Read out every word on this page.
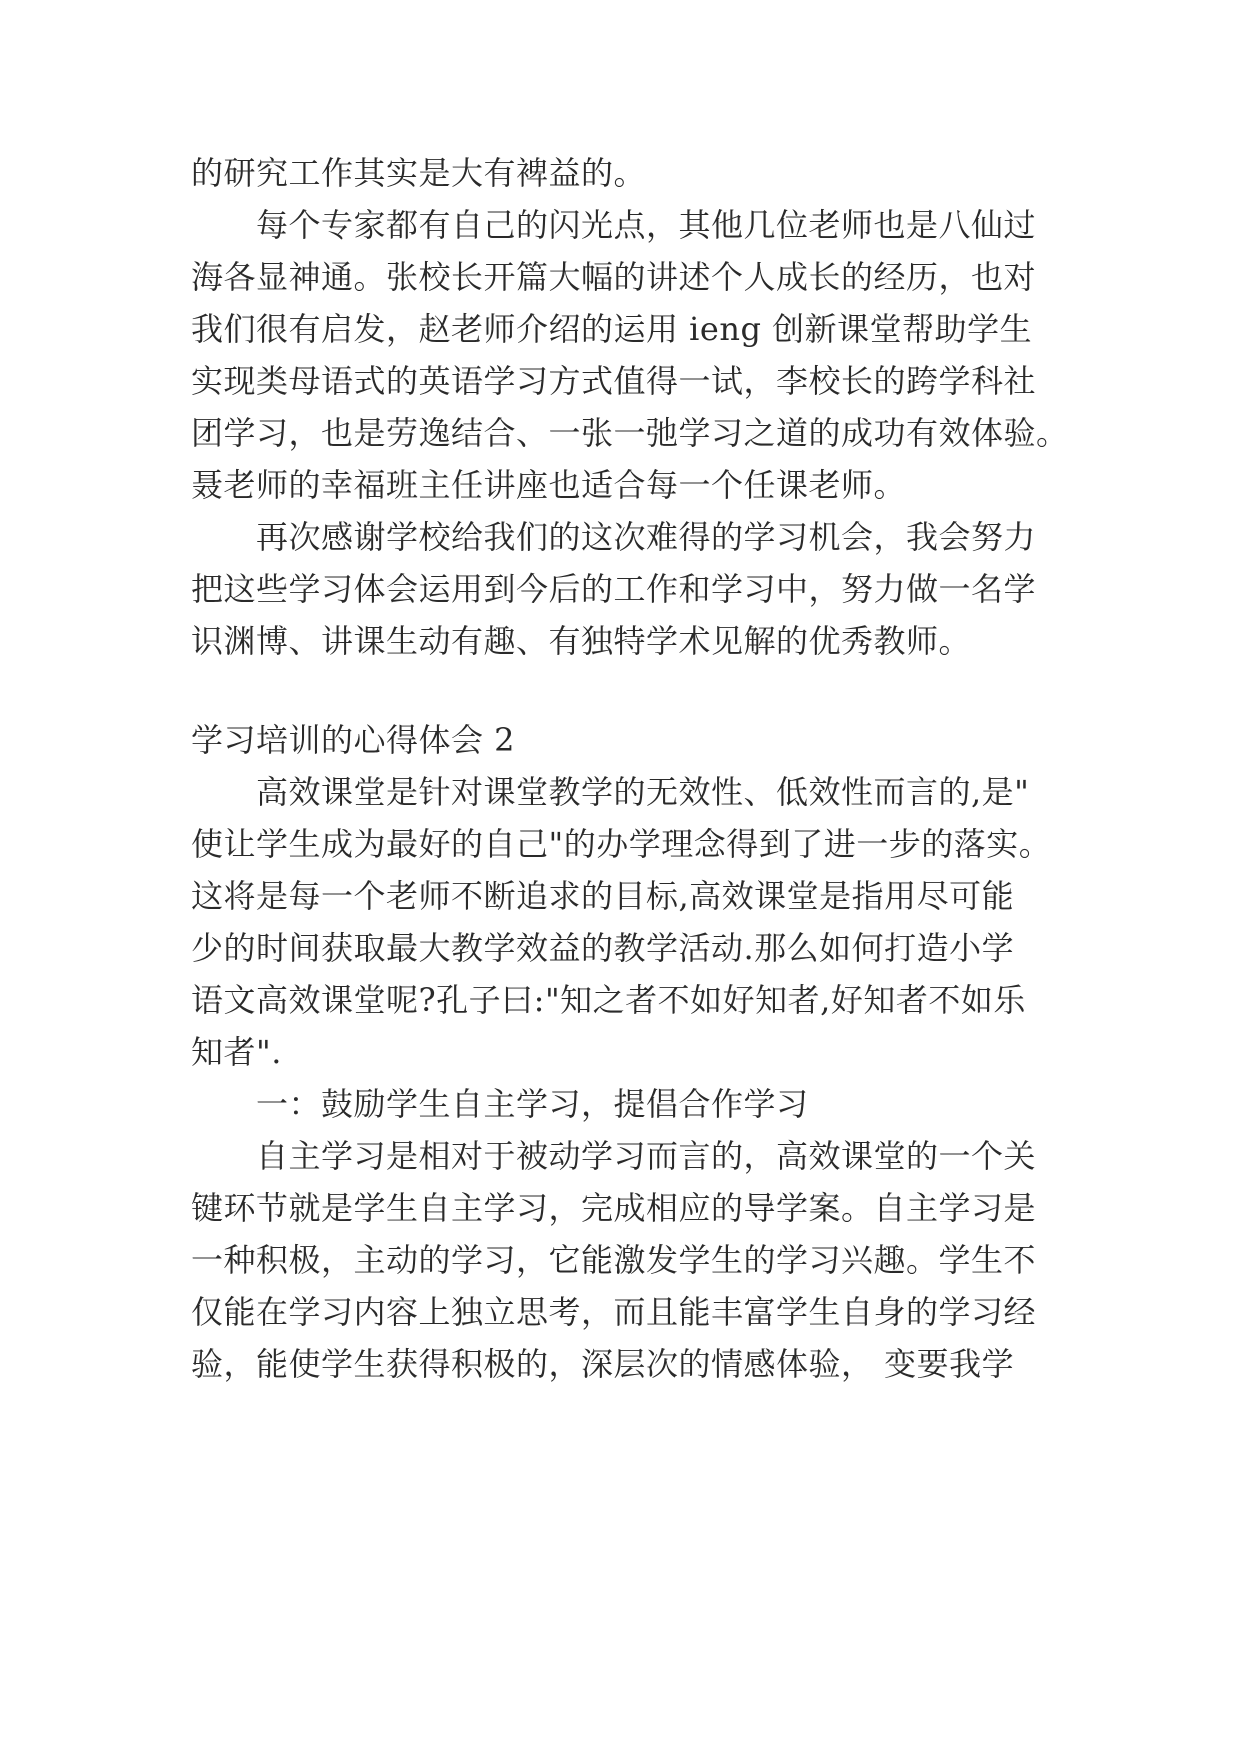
的研究工作其实是大有裨益的。
　　每个专家都有自己的闪光点，其他几位老师也是八仙过
海各显神通。张校长开篇大幅的讲述个人成长的经历，也对
我们很有启发，赵老师介绍的运用 ieng 创新课堂帮助学生
实现类母语式的英语学习方式值得一试，李校长的跨学科社
团学习，也是劳逸结合、一张一弛学习之道的成功有效体验。
聂老师的幸福班主任讲座也适合每一个任课老师。
　　再次感谢学校给我们的这次难得的学习机会，我会努力
把这些学习体会运用到今后的工作和学习中，努力做一名学
识渊博、讲课生动有趣、有独特学术见解的优秀教师。
学习培训的心得体会 2
　　高效课堂是针对课堂教学的无效性、低效性而言的,是"
使让学生成为最好的自己"的办学理念得到了进一步的落实。
这将是每一个老师不断追求的目标,高效课堂是指用尽可能
少的时间获取最大教学效益的教学活动.那么如何打造小学
语文高效课堂呢?孔子曰:"知之者不如好知者,好知者不如乐
知者".
　　一：鼓励学生自主学习，提倡合作学习
　　自主学习是相对于被动学习而言的，高效课堂的一个关
键环节就是学生自主学习，完成相应的导学案。自主学习是
一种积极，主动的学习，它能激发学生的学习兴趣。学生不
仅能在学习内容上独立思考，而且能丰富学生自身的学习经
验，能使学生获得积极的，深层次的情感体验， 变要我学
